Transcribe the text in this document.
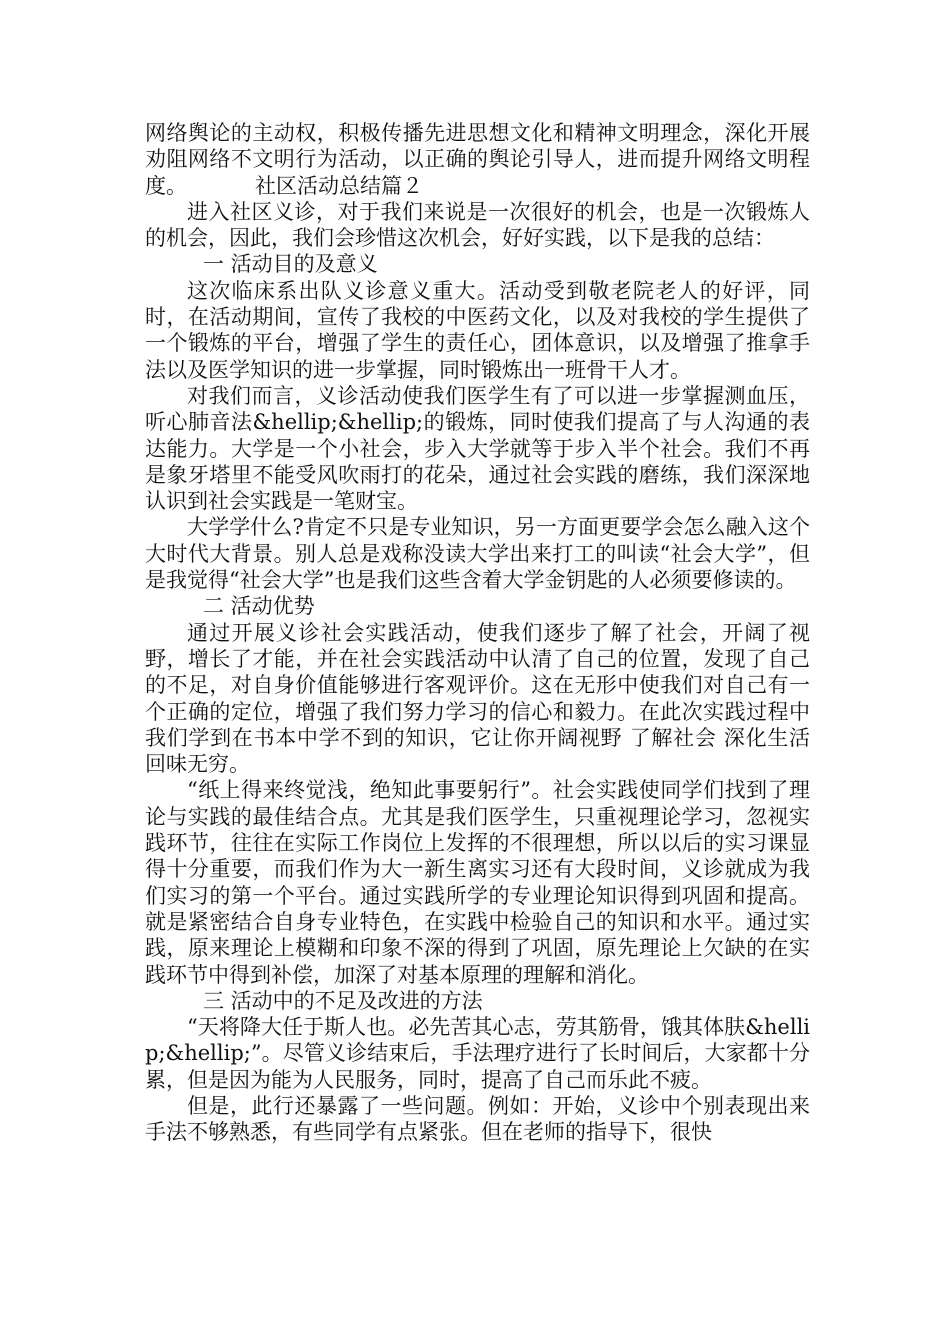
网络舆论的主动权，积极传播先进思想文化和精神文明理念，深化开展劝阻网络不文明行为活动，以正确的舆论引导人，进而提升网络文明程度。	社区活动总结篇２

进入社区义诊，对于我们来说是一次很好的机会，也是一次锻炼人的机会，因此，我们会珍惜这次机会，好好实践，以下是我的总结：

一 活动目的及意义

这次临床系出队义诊意义重大。活动受到敬老院老人的好评，同时，在活动期间，宣传了我校的中医药文化，以及对我校的学生提供了一个锻炼的平台，增强了学生的责任心，团体意识，以及增强了推拿手法以及医学知识的进一步掌握，同时锻炼出一班骨干人才。

对我们而言，义诊活动使我们医学生有了可以进一步掌握测血压，听心肺音法&hellip;&hellip;的锻炼，同时使我们提高了与人沟通的表达能力。大学是一个小社会，步入大学就等于步入半个社会。我们不再是象牙塔里不能受风吹雨打的花朵，通过社会实践的磨练，我们深深地认识到社会实践是一笔财宝。

大学学什么?肯定不只是专业知识，另一方面更要学会怎么融入这个大时代大背景。别人总是戏称没读大学出来打工的叫读“社会大学”，但是我觉得“社会大学”也是我们这些含着大学金钥匙的人必须要修读的。

二 活动优势

通过开展义诊社会实践活动，使我们逐步了解了社会，开阔了视野，增长了才能，并在社会实践活动中认清了自己的位置，发现了自己的不足，对自身价值能够进行客观评价。这在无形中使我们对自己有一个正确的定位，增强了我们努力学习的信心和毅力。在此次实践过程中我们学到在书本中学不到的知识，它让你开阔视野 了解社会 深化生活 回味无穷。

“纸上得来终觉浅，绝知此事要躬行”。社会实践使同学们找到了理论与实践的最佳结合点。尤其是我们医学生，只重视理论学习，忽视实践环节，往往在实际工作岗位上发挥的不很理想，所以以后的实习课显得十分重要，而我们作为大一新生离实习还有大段时间，义诊就成为我们实习的第一个平台。通过实践所学的专业理论知识得到巩固和提高。就是紧密结合自身专业特色，在实践中检验自己的知识和水平。通过实践，原来理论上模糊和印象不深的得到了巩固，原先理论上欠缺的在实践环节中得到补偿，加深了对基本原理的理解和消化。

三 活动中的不足及改进的方法

“天将降大任于斯人也。必先苦其心志，劳其筋骨，饿其体肤&hellip;&hellip;”。尽管义诊结束后，手法理疗进行了长时间后，大家都十分累，但是因为能为人民服务，同时，提高了自己而乐此不疲。

但是，此行还暴露了一些问题。例如：开始，义诊中个别表现出来手法不够熟悉，有些同学有点紧张。但在老师的指导下，很快
